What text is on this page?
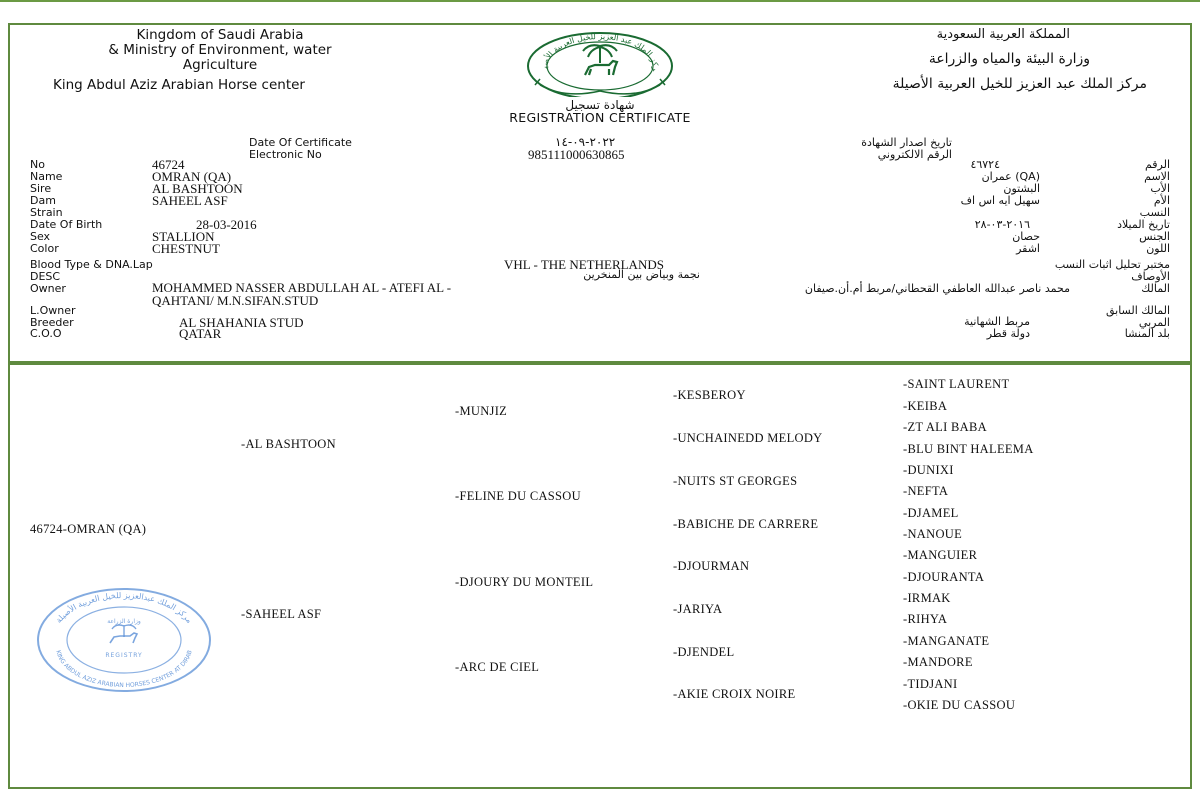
Kingdom of Saudi Arabia
& Ministry of Environment, water
Agriculture
King Abdul Aziz Arabian Horse center
المملكة العربية السعودية
وزارة البيئة والمياه والزراعة
مركز الملك عبد العزيز للخيل العربية الأصيلة
ركز الملك عبد العزيز للخيل العربية الأصيلة
شهادة تسجيل
REGISTRATION CERTIFICATE
Date Of Certificate	٢٠٢٢-٠٩-١٤	تاريخ اصدار الشهادة
Electronic No	985111000630865	الرقم الالكتروني
No	46724	٤٦٧٢٤	الرقم
Name	OMRAN (QA)	(QA) عمران	الاسم
Sire	AL BASHTOON	البشتون	الأب
Dam	SAHEEL ASF	سهيل ايه اس اف	الأم
Strain	النسب
Date Of Birth	28-03-2016	٢٠١٦-٠٣-٢٨	تاريخ الميلاد
Sex	STALLION	حصان	الجنس
Color	CHESTNUT	اشقر	اللون
Blood Type & DNA.Lap	VHL - THE NETHERLANDS	مختبر تحليل اثبات النسب
DESC	نجمة وبياض بين المنخرين	الأوصاف
Owner	MOHAMMED NASSER ABDULLAH AL - ATEFI AL -
QAHTANI/ M.N.SIFAN.STUD
محمد ناصر عبدالله العاطفي القحطاني/مربط أم.أن.صيفان	المالك
L.Owner	المالك السابق
Breeder	AL SHAHANIA STUD	مربط الشهانية	المربي
C.O.O	QATAR	دولة قطر	بلد المنشا
46724-OMRAN (QA)
-AL BASHTOON
-SAHEEL ASF
-MUNJIZ
-FELINE DU CASSOU
-DJOURY DU MONTEIL
-ARC DE CIEL
-KESBEROY
-UNCHAINEDD MELODY
-NUITS ST GEORGES
-BABICHE DE CARRERE
-DJOURMAN
-JARIYA
-DJENDEL
-AKIE CROIX NOIRE
-SAINT LAURENT
-KEIBA
-ZT ALI BABA
-BLU BINT HALEEMA
-DUNIXI
-NEFTA
-DJAMEL
-NANOUE
-MANGUIER
-DJOURANTA
-IRMAK
-RIHYA
-MANGANATE
-MANDORE
-TIDJANI
-OKIE DU CASSOU
مركز الملك عبدالعزيز للخيل العربية الأصيلة
KING ABDUL AZIZ ARABIAN HORSES CENTER AT DIRAB
وزارة الزراعة
REGISTRY
